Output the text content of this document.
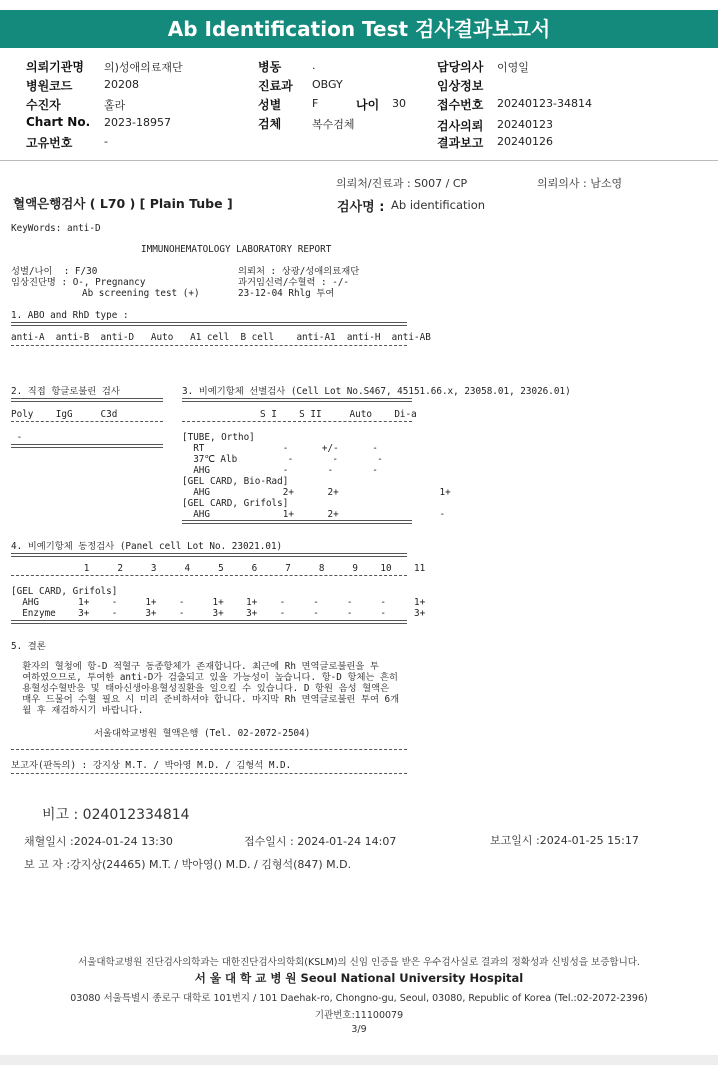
Ab Identification Test 검사결과보고서
의뢰기관명 의)성애의료재단
병원코드	20208
수진자	홀라
Chart No. 2023-18957
고유번호	-
병동	.
진료과 OBGY
성별	F	나이 30
검체	복수검체
담당의사 이영일
임상정보
접수번호 20240123-34814
검사의뢰 20240123
결과보고 20240126
의뢰처/진료과 : S007 / CP	의뢰의사 : 남소영
혈액은행검사 ( L70 ) [ Plain Tube ]	검사명 : Ab identification
KeyWords: anti-D
IMMUNOHEMATOLOGY LABORATORY REPORT
성별/나이  : F/30	의뢰처 : 상광/성애의료재단
임상진단명 : O-, Pregnancy	과거임신력/수혈력 : -/-
Ab screening test (+)	23-12-04 Rhlg 투여
1. ABO and RhD type :
anti-A  anti-B  anti-D   Auto   A1 cell  B cell    anti-A1  anti-H  anti-AB
2. 직접 항글로불린 검사	3. 비예기항체 선별검사 (Cell Lot No.S467, 45151.66.x, 23058.01, 23026.01)
Poly    IgG     C3d	S I    S II     Auto    Di-a
-	[TUBE, Ortho]
RT              -      +/-      -
37℃ Alb         -       -       -
AHG             -       -       -
[GEL CARD, Bio-Rad]
AHG             2+      2+                  1+
[GEL CARD, Grifols]
AHG             1+      2+                  -
4. 비예기항체 동정검사 (Panel cell Lot No. 23021.01)
1     2     3     4     5     6     7     8     9    10    11
[GEL CARD, Grifols]
AHG       1+    -     1+    -     1+    1+    -     -     -     -     1+
Enzyme    3+    -     3+    -     3+    3+    -     -     -     -     3+
5. 결론
환자의 혈청에 항-D 적혈구 동종항체가 존재합니다. 최근에 Rh 면역글로불린을 투
여하였으므로, 투여한 anti-D가 검출되고 있을 가능성이 높습니다. 항-D 항체는 흔히
용혈성수혈반응 및 태아신생아용혈성질환을 일으킬 수 있습니다. D 항원 음성 혈액은
매우 드물어 수혈 필요 시 미리 준비하셔야 합니다. 마지막 Rh 면역글로불린 투여 6개
월 후 재검하시기 바랍니다.
서울대학교병원 혈액은행 (Tel. 02-2072-2504)
보고자(판독의) : 강지상 M.T. / 박아영 M.D. / 김형석 M.D.
비고 : 024012334814
채혈일시 :2024-01-24 13:30	접수일시 : 2024-01-24 14:07	보고일시 :2024-01-25 15:17
보 고 자 :강지상(24465) M.T. / 박아영() M.D. / 김형석(847) M.D.
서울대학교병원 진단검사의학과는 대한진단검사의학회(KSLM)의 신임 인증을 받은 우수검사실로 결과의 정확성과 신빙성을 보증합니다.
서 울 대 학 교 병 원 Seoul National University Hospital
03080 서울특별시 종로구 대학로 101번지 / 101 Daehak-ro, Chongno-gu, Seoul, 03080, Republic of Korea (Tel.:02-2072-2396)
기관번호:11100079
3/9
